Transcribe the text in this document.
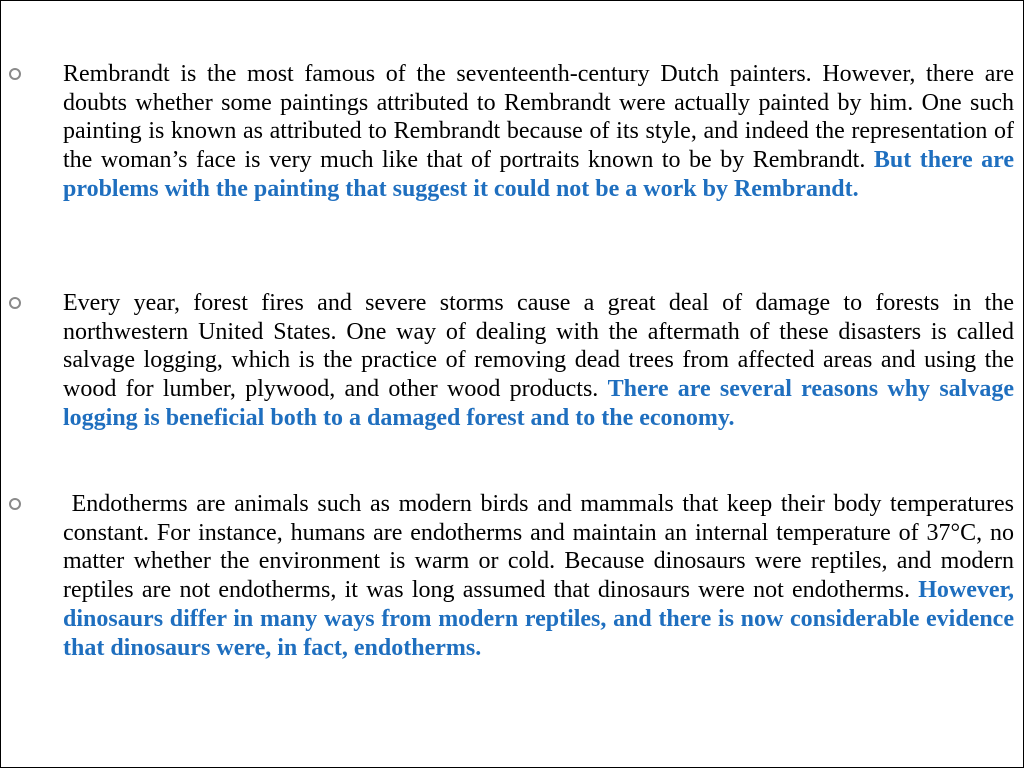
Rembrandt is the most famous of the seventeenth-century Dutch painters. However, there are doubts whether some paintings attributed to Rembrandt were actually painted by him. One such painting is known as attributed to Rembrandt because of its style, and indeed the representation of the woman’s face is very much like that of portraits known to be by Rembrandt. But there are problems with the painting that suggest it could not be a work by Rembrandt.

Every year, forest fires and severe storms cause a great deal of damage to forests in the northwestern United States. One way of dealing with the aftermath of these disasters is called salvage logging, which is the practice of removing dead trees from affected areas and using the wood for lumber, plywood, and other wood products. There are several reasons why salvage logging is beneficial both to a damaged forest and to the economy.

Endotherms are animals such as modern birds and mammals that keep their body temperatures constant. For instance, humans are endotherms and maintain an internal temperature of 37°C, no matter whether the environment is warm or cold. Because dinosaurs were reptiles, and modern reptiles are not endotherms, it was long assumed that dinosaurs were not endotherms. However, dinosaurs differ in many ways from modern reptiles, and there is now considerable evidence that dinosaurs were, in fact, endotherms.
